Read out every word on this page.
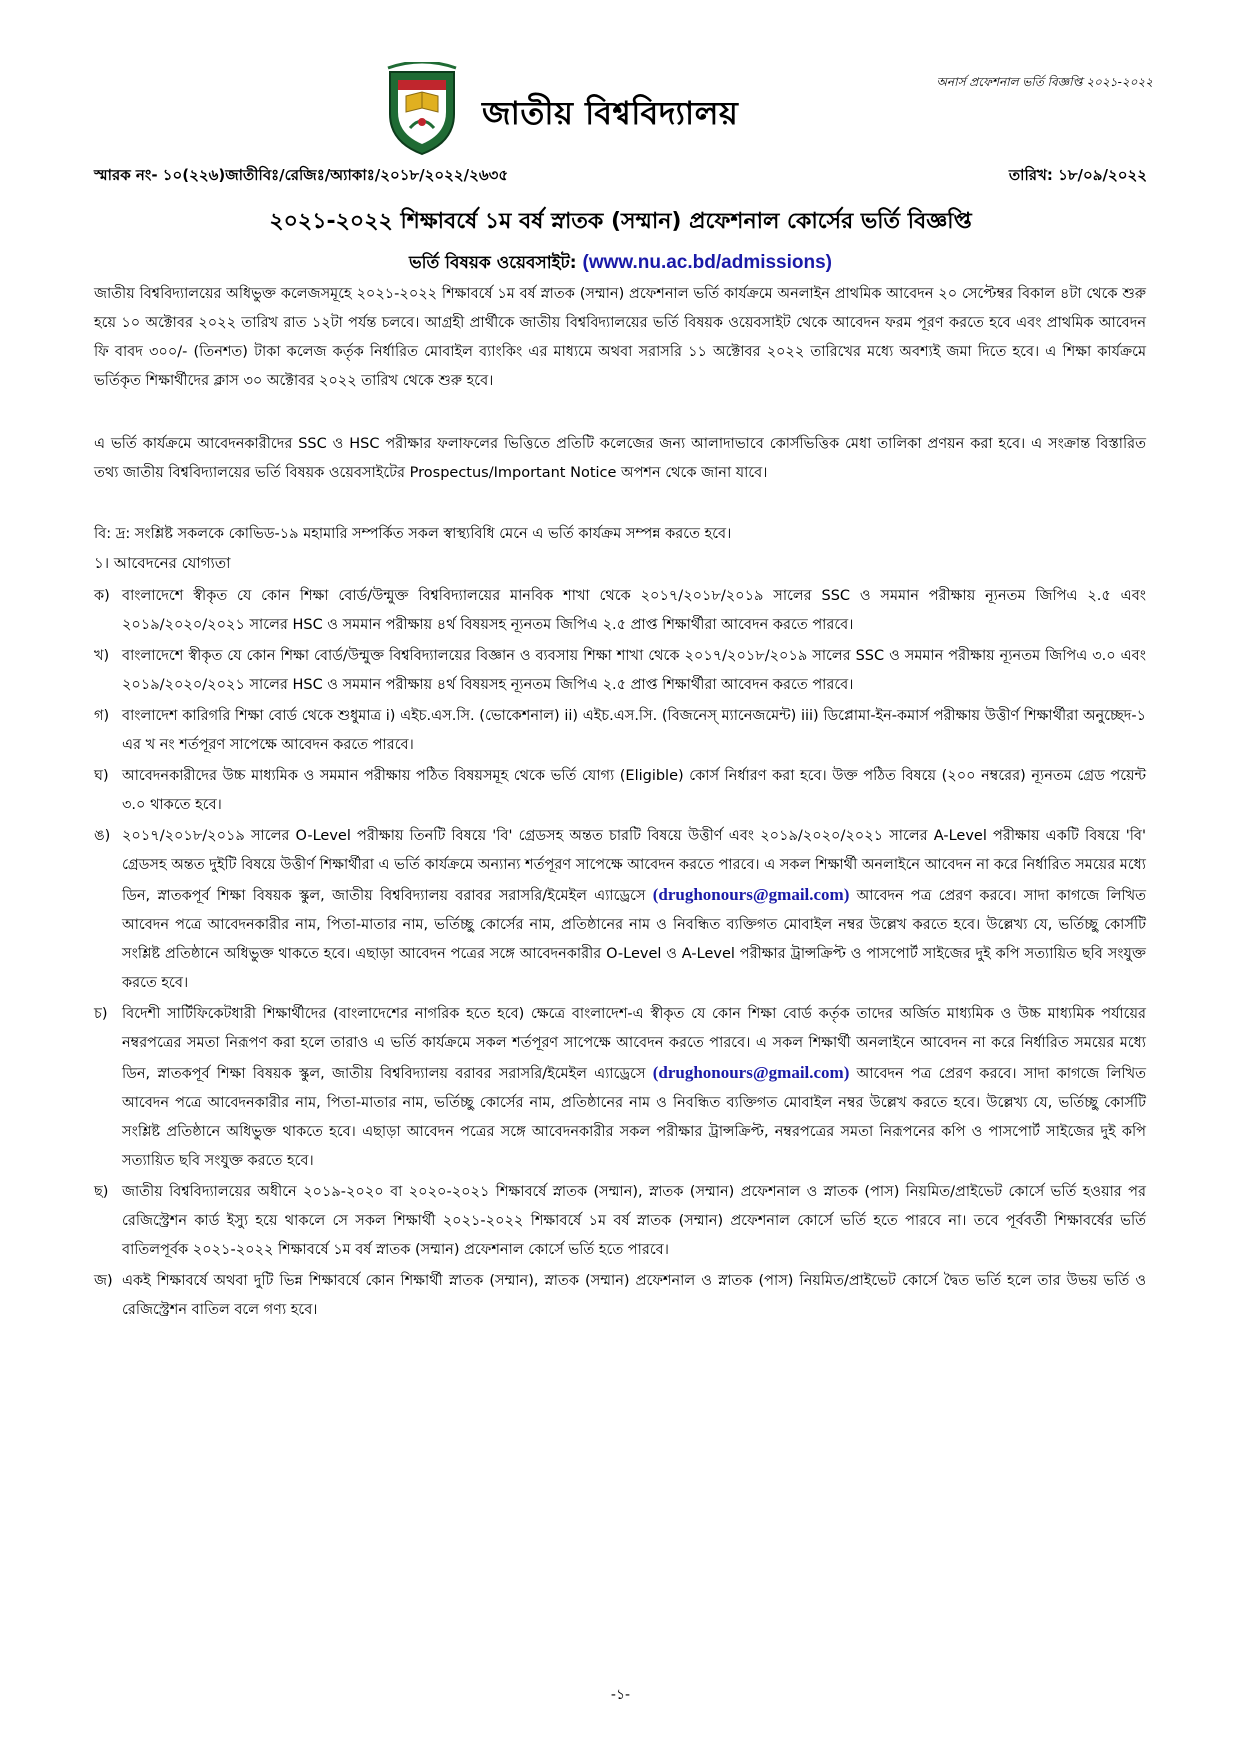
অনার্স প্রফেশনাল ভর্তি বিজ্ঞপ্তি ২০২১-২০২২
জাতীয় বিশ্ববিদ্যালয়
স্মারক নং- ১০(২২৬)জাতীবিঃ/রেজিঃ/অ্যাকাঃ/২০১৮/২০২২/২৬৩৫	তারিখ: ১৮/০৯/২০২২
২০২১-২০২২ শিক্ষাবর্ষে ১ম বর্ষ স্নাতক (সম্মান) প্রফেশনাল কোর্সের ভর্তি বিজ্ঞপ্তি
ভর্তি বিষয়ক ওয়েবসাইট: (www.nu.ac.bd/admissions)
জাতীয় বিশ্ববিদ্যালয়ের অধিভুক্ত কলেজসমূহে ২০২১-২০২২ শিক্ষাবর্ষে ১ম বর্ষ স্নাতক (সম্মান) প্রফেশনাল ভর্তি কার্যক্রমে অনলাইন প্রাথমিক আবেদন ২০ সেপ্টেম্বর বিকাল ৪টা থেকে শুরু হয়ে ১০ অক্টোবর ২০২২ তারিখ রাত ১২টা পর্যন্ত চলবে। আগ্রহী প্রার্থীকে জাতীয় বিশ্ববিদ্যালয়ের ভর্তি বিষয়ক ওয়েবসাইট থেকে আবেদন ফরম পূরণ করতে হবে এবং প্রাথমিক আবেদন ফি বাবদ ৩০০/- (তিনশত) টাকা কলেজ কর্তৃক নির্ধারিত মোবাইল ব্যাংকিং এর মাধ্যমে অথবা সরাসরি ১১ অক্টোবর ২০২২ তারিখের মধ্যে অবশ্যই জমা দিতে হবে। এ শিক্ষা কার্যক্রমে ভর্তিকৃত শিক্ষার্থীদের ক্লাস ৩০ অক্টোবর ২০২২ তারিখ থেকে শুরু হবে।
এ ভর্তি কার্যক্রমে আবেদনকারীদের SSC ও HSC পরীক্ষার ফলাফলের ভিত্তিতে প্রতিটি কলেজের জন্য আলাদাভাবে কোর্সভিত্তিক মেধা তালিকা প্রণয়ন করা হবে। এ সংক্রান্ত বিস্তারিত তথ্য জাতীয় বিশ্ববিদ্যালয়ের ভর্তি বিষয়ক ওয়েবসাইটের Prospectus/Important Notice অপশন থেকে জানা যাবে।
বি: দ্র: সংশ্লিষ্ট সকলকে কোভিড-১৯ মহামারি সম্পর্কিত সকল স্বাস্থ্যবিধি মেনে এ ভর্তি কার্যক্রম সম্পন্ন করতে হবে।
১। আবেদনের যোগ্যতা
ক) বাংলাদেশে স্বীকৃত যে কোন শিক্ষা বোর্ড/উন্মুক্ত বিশ্ববিদ্যালয়ের মানবিক শাখা থেকে ২০১৭/২০১৮/২০১৯ সালের SSC ও সমমান পরীক্ষায় ন্যূনতম জিপিএ ২.৫ এবং ২০১৯/২০২০/২০২১ সালের HSC ও সমমান পরীক্ষায় ৪র্থ বিষয়সহ ন্যূনতম জিপিএ ২.৫ প্রাপ্ত শিক্ষার্থীরা আবেদন করতে পারবে।
খ) বাংলাদেশে স্বীকৃত যে কোন শিক্ষা বোর্ড/উন্মুক্ত বিশ্ববিদ্যালয়ের বিজ্ঞান ও ব্যবসায় শিক্ষা শাখা থেকে ২০১৭/২০১৮/২০১৯ সালের SSC ও সমমান পরীক্ষায় ন্যূনতম জিপিএ ৩.০ এবং ২০১৯/২০২০/২০২১ সালের HSC ও সমমান পরীক্ষায় ৪র্থ বিষয়সহ ন্যূনতম জিপিএ ২.৫ প্রাপ্ত শিক্ষার্থীরা আবেদন করতে পারবে।
গ) বাংলাদেশ কারিগরি শিক্ষা বোর্ড থেকে শুধুমাত্র i) এইচ.এস.সি. (ভোকেশনাল) ii) এইচ.এস.সি. (বিজনেস্ ম্যানেজমেন্ট) iii) ডিপ্লোমা-ইন-কমার্স পরীক্ষায় উত্তীর্ণ শিক্ষার্থীরা অনুচ্ছেদ-১ এর খ নং শর্তপূরণ সাপেক্ষে আবেদন করতে পারবে।
ঘ) আবেদনকারীদের উচ্চ মাধ্যমিক ও সমমান পরীক্ষায় পঠিত বিষয়সমূহ থেকে ভর্তি যোগ্য (Eligible) কোর্স নির্ধারণ করা হবে। উক্ত পঠিত বিষয়ে (২০০ নম্বরের) ন্যূনতম গ্রেড পয়েন্ট ৩.০ থাকতে হবে।
ঙ) ২০১৭/২০১৮/২০১৯ সালের O-Level পরীক্ষায় তিনটি বিষয়ে 'বি' গ্রেডসহ অন্তত চারটি বিষয়ে উত্তীর্ণ এবং ২০১৯/২০২০/২০২১ সালের A-Level পরীক্ষায় একটি বিষয়ে 'বি' গ্রেডসহ অন্তত দুইটি বিষয়ে উত্তীর্ণ শিক্ষার্থীরা এ ভর্তি কার্যক্রমে অন্যান্য শর্তপূরণ সাপেক্ষে আবেদন করতে পারবে। এ সকল শিক্ষার্থী অনলাইনে আবেদন না করে নির্ধারিত সময়ের মধ্যে ডিন, স্নাতকপূর্ব শিক্ষা বিষয়ক স্কুল, জাতীয় বিশ্ববিদ্যালয় বরাবর সরাসরি/ইমেইল এ্যাড্রেসে (drughonours@gmail.com) আবেদন পত্র প্রেরণ করবে। সাদা কাগজে লিখিত আবেদন পত্রে আবেদনকারীর নাম, পিতা-মাতার নাম, ভর্তিচ্ছু কোর্সের নাম, প্রতিষ্ঠানের নাম ও নিবন্ধিত ব্যক্তিগত মোবাইল নম্বর উল্লেখ করতে হবে। উল্লেখ্য যে, ভর্তিচ্ছু কোর্সটি সংশ্লিষ্ট প্রতিষ্ঠানে অধিভুক্ত থাকতে হবে। এছাড়া আবেদন পত্রের সঙ্গে আবেদনকারীর O-Level ও A-Level পরীক্ষার ট্রান্সক্রিপ্ট ও পাসপোর্ট সাইজের দুই কপি সত্যায়িত ছবি সংযুক্ত করতে হবে।
চ) বিদেশী সার্টিফিকেটধারী শিক্ষার্থীদের (বাংলাদেশের নাগরিক হতে হবে) ক্ষেত্রে বাংলাদেশ-এ স্বীকৃত যে কোন শিক্ষা বোর্ড কর্তৃক তাদের অর্জিত মাধ্যমিক ও উচ্চ মাধ্যমিক পর্যায়ের নম্বরপত্রের সমতা নিরূপণ করা হলে তারাও এ ভর্তি কার্যক্রমে সকল শর্তপূরণ সাপেক্ষে আবেদন করতে পারবে। এ সকল শিক্ষার্থী অনলাইনে আবেদন না করে নির্ধারিত সময়ের মধ্যে ডিন, স্নাতকপূর্ব শিক্ষা বিষয়ক স্কুল, জাতীয় বিশ্ববিদ্যালয় বরাবর সরাসরি/ইমেইল এ্যাড্রেসে (drughonours@gmail.com) আবেদন পত্র প্রেরণ করবে। সাদা কাগজে লিখিত আবেদন পত্রে আবেদনকারীর নাম, পিতা-মাতার নাম, ভর্তিচ্ছু কোর্সের নাম, প্রতিষ্ঠানের নাম ও নিবন্ধিত ব্যক্তিগত মোবাইল নম্বর উল্লেখ করতে হবে। উল্লেখ্য যে, ভর্তিচ্ছু কোর্সটি সংশ্লিষ্ট প্রতিষ্ঠানে অধিভুক্ত থাকতে হবে। এছাড়া আবেদন পত্রের সঙ্গে আবেদনকারীর সকল পরীক্ষার ট্রান্সক্রিপ্ট, নম্বরপত্রের সমতা নিরূপনের কপি ও পাসপোর্ট সাইজের দুই কপি সত্যায়িত ছবি সংযুক্ত করতে হবে।
ছ) জাতীয় বিশ্ববিদ্যালয়ের অধীনে ২০১৯-২০২০ বা ২০২০-২০২১ শিক্ষাবর্ষে স্নাতক (সম্মান), স্নাতক (সম্মান) প্রফেশনাল ও স্নাতক (পাস) নিয়মিত/প্রাইভেট কোর্সে ভর্তি হওয়ার পর রেজিস্ট্রেশন কার্ড ইস্যু হয়ে থাকলে সে সকল শিক্ষার্থী ২০২১-২০২২ শিক্ষাবর্ষে ১ম বর্ষ স্নাতক (সম্মান) প্রফেশনাল কোর্সে ভর্তি হতে পারবে না। তবে পূর্ববর্তী শিক্ষাবর্ষের ভর্তি বাতিলপূর্বক ২০২১-২০২২ শিক্ষাবর্ষে ১ম বর্ষ স্নাতক (সম্মান) প্রফেশনাল কোর্সে ভর্তি হতে পারবে।
জ) একই শিক্ষাবর্ষে অথবা দুটি ভিন্ন শিক্ষাবর্ষে কোন শিক্ষার্থী স্নাতক (সম্মান), স্নাতক (সম্মান) প্রফেশনাল ও স্নাতক (পাস) নিয়মিত/প্রাইভেট কোর্সে দ্বৈত ভর্তি হলে তার উভয় ভর্তি ও রেজিস্ট্রেশন বাতিল বলে গণ্য হবে।
-১-
